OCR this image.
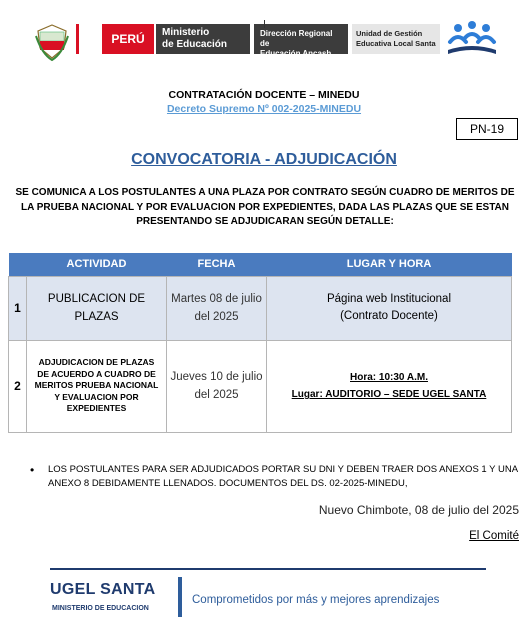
PERÚ	Ministerio
de Educación
Dirección Regional de
Educación Ancash
Unidad de Gestión
Educativa Local Santa
CONTRATACIÓN DOCENTE – MINEDU
Decreto Supremo Nº 002-2025-MINEDU
PN-19
CONVOCATORIA - ADJUDICACIÓN
SE COMUNICA A LOS POSTULANTES A UNA PLAZA POR CONTRATO SEGÚN CUADRO DE MERITOS DE LA PRUEBA NACIONAL Y POR EVALUACION POR EXPEDIENTES, DADA LAS PLAZAS QUE SE ESTAN PRESENTANDO SE ADJUDICARAN SEGÚN DETALLE:
	ACTIVIDAD	FECHA	LUGAR Y HORA
1	PUBLICACION DE PLAZAS	Martes 08 de julio del 2025	Página web Institucional
(Contrato Docente)

2	ADJUDICACION DE PLAZAS DE ACUERDO A CUADRO DE MERITOS PRUEBA NACIONAL Y EVALUACION POR EXPEDIENTES	Jueves 10 de julio del 2025	Hora: 10:30 A.M.
Lugar: AUDITORIO – SEDE UGEL SANTA
• LOS POSTULANTES PARA SER ADJUDICADOS PORTAR SU DNI Y DEBEN TRAER DOS ANEXOS 1 Y UNA ANEXO 8 DEBIDAMENTE LLENADOS. DOCUMENTOS DEL DS. 02-2025-MINEDU,
Nuevo Chimbote, 08 de julio del 2025
El Comité
UGEL SANTA
MINISTERIO DE EDUCACION
Comprometidos por más y mejores aprendizajes
